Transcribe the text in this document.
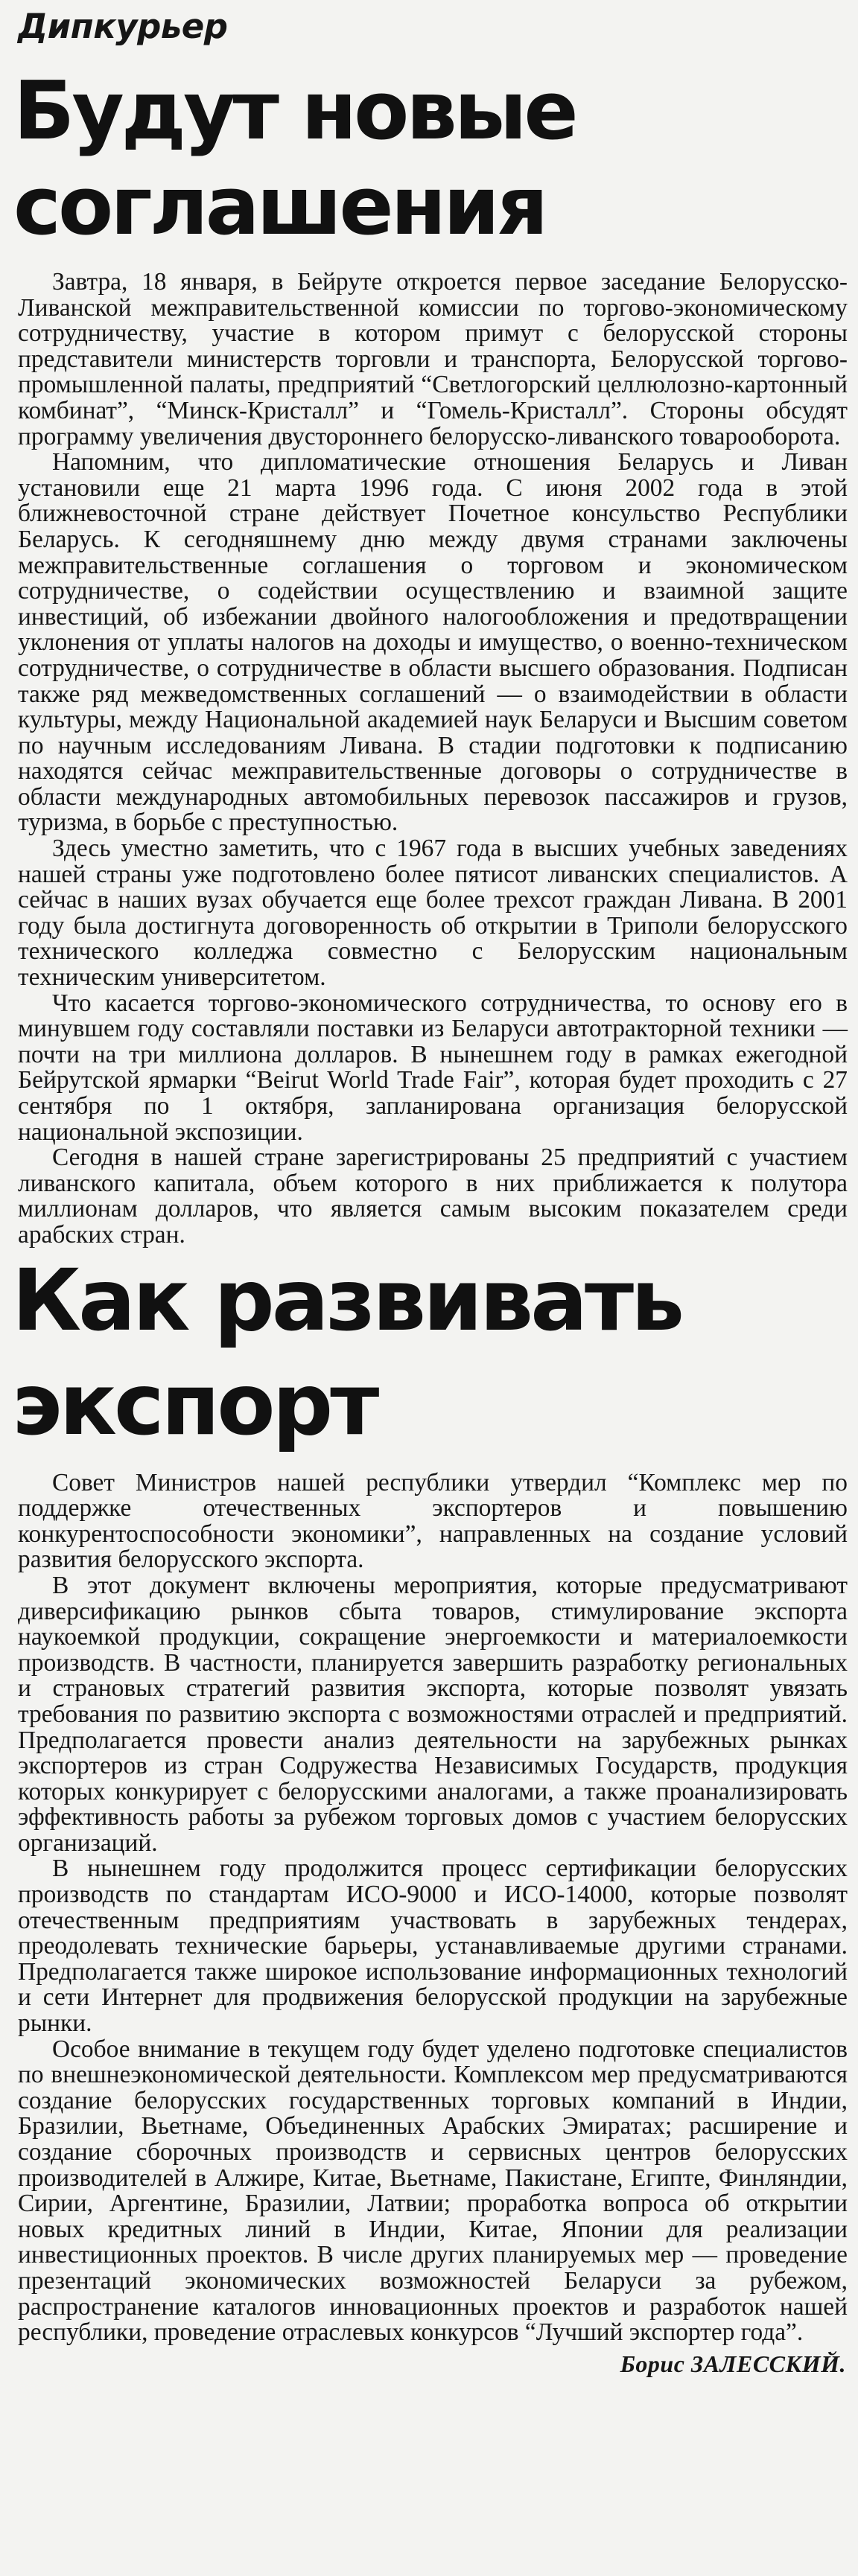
Дипкурьер
Будут новые
соглашения

Завтра, 18 января, в Бейруте откроется первое заседание Белорусско-Ливанской межправительственной комиссии по торгово-экономическому сотрудничеству, участие в котором примут с белорусской стороны представители министерств торговли и транспорта, Белорусской торгово-промышленной палаты, предприятий “Светлогорский целлюлозно-картонный комбинат”, “Минск-Кристалл” и “Гомель-Кристалл”. Стороны обсудят программу увеличения двустороннего белорусско-ливанского товарооборота.

Напомним, что дипломатические отношения Беларусь и Ливан установили еще 21 марта 1996 года. С июня 2002 года в этой ближневосточной стране действует Почетное консульство Республики Беларусь. К сегодняшнему дню между двумя странами заключены межправительственные соглашения о торговом и экономическом сотрудничестве, о содействии осуществлению и взаимной защите инвестиций, об избежании двойного налогообложения и предотвращении уклонения от уплаты налогов на доходы и имущество, о военно-техническом сотрудничестве, о сотрудничестве в области высшего образования. Подписан также ряд межведомственных соглашений — о взаимодействии в области культуры, между Национальной академией наук Беларуси и Высшим советом по научным исследованиям Ливана. В стадии подготовки к подписанию находятся сейчас межправительственные договоры о сотрудничестве в области международных автомобильных перевозок пассажиров и грузов, туризма, в борьбе с преступностью.

Здесь уместно заметить, что с 1967 года в высших учебных заведениях нашей страны уже подготовлено более пятисот ливанских специалистов. А сейчас в наших вузах обучается еще более трехсот граждан Ливана. В 2001 году была достигнута договоренность об открытии в Триполи белорусского технического колледжа совместно с Белорусским национальным техническим университетом.

Что касается торгово-экономического сотрудничества, то основу его в минувшем году составляли поставки из Беларуси автотракторной техники — почти на три миллиона долларов. В нынешнем году в рамках ежегодной Бейрутской ярмарки “Beirut World Trade Fair”, которая будет проходить с 27 сентября по 1 октября, запланирована организация белорусской национальной экспозиции.

Сегодня в нашей стране зарегистрированы 25 предприятий с участием ливанского капитала, объем которого в них приближается к полутора миллионам долларов, что является самым высоким показателем среди арабских стран.

Как развивать
экспорт

Совет Министров нашей республики утвердил “Комплекс мер по поддержке отечественных экспортеров и повышению конкурентоспособности экономики”, направленных на создание условий развития белорусского экспорта.

В этот документ включены мероприятия, которые предусматривают диверсификацию рынков сбыта товаров, стимулирование экспорта наукоемкой продукции, сокращение энергоемкости и материалоемкости производств. В частности, планируется завершить разработку региональных и страновых стратегий развития экспорта, которые позволят увязать требования по развитию экспорта с возможностями отраслей и предприятий. Предполагается провести анализ деятельности на зарубежных рынках экспортеров из стран Содружества Независимых Государств, продукция которых конкурирует с белорусскими аналогами, а также проанализировать эффективность работы за рубежом торговых домов с участием белорусских организаций.

В нынешнем году продолжится процесс сертификации белорусских производств по стандартам ИСО-9000 и ИСО-14000, которые позволят отечественным предприятиям участвовать в зарубежных тендерах, преодолевать технические барьеры, устанавливаемые другими странами. Предполагается также широкое использование информационных технологий и сети Интернет для продвижения белорусской продукции на зарубежные рынки.

Особое внимание в текущем году будет уделено подготовке специалистов по внешнеэкономической деятельности. Комплексом мер предусматриваются создание белорусских государственных торговых компаний в Индии, Бразилии, Вьетнаме, Объединенных Арабских Эмиратах; расширение и создание сборочных производств и сервисных центров белорусских производителей в Алжире, Китае, Вьетнаме, Пакистане, Египте, Финляндии, Сирии, Аргентине, Бразилии, Латвии; проработка вопроса об открытии новых кредитных линий в Индии, Китае, Японии для реализации инвестиционных проектов. В числе других планируемых мер — проведение презентаций экономических возможностей Беларуси за рубежом, распространение каталогов инновационных проектов и разработок нашей республики, проведение отраслевых конкурсов “Лучший экспортер года”.

Борис ЗАЛЕССКИЙ.
